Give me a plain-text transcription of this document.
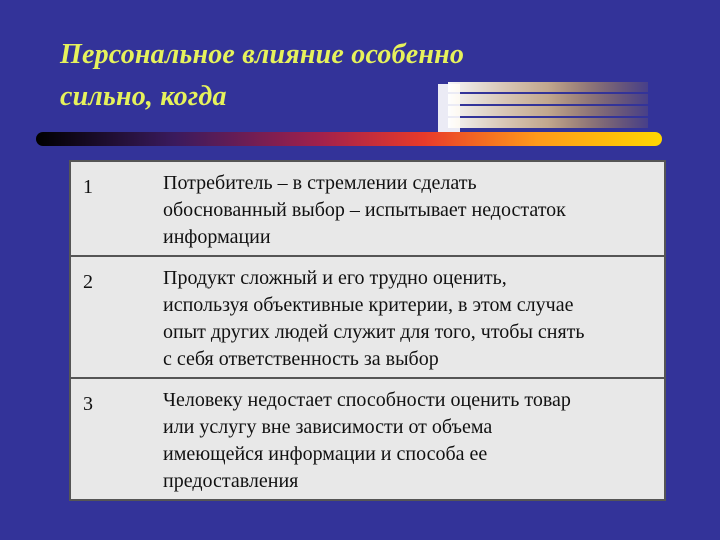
Персональное влияние особенно
сильно, когда
1	Потребитель – в стремлении сделать
обоснованный выбор – испытывает недостаток
информации

2	Продукт сложный и его трудно оценить,
используя объективные критерии, в этом случае
опыт других людей служит для того, чтобы снять
с себя ответственность за выбор

3	Человеку недостает способности оценить товар
или услугу вне зависимости от объема
имеющейся информации и способа ее
предоставления
